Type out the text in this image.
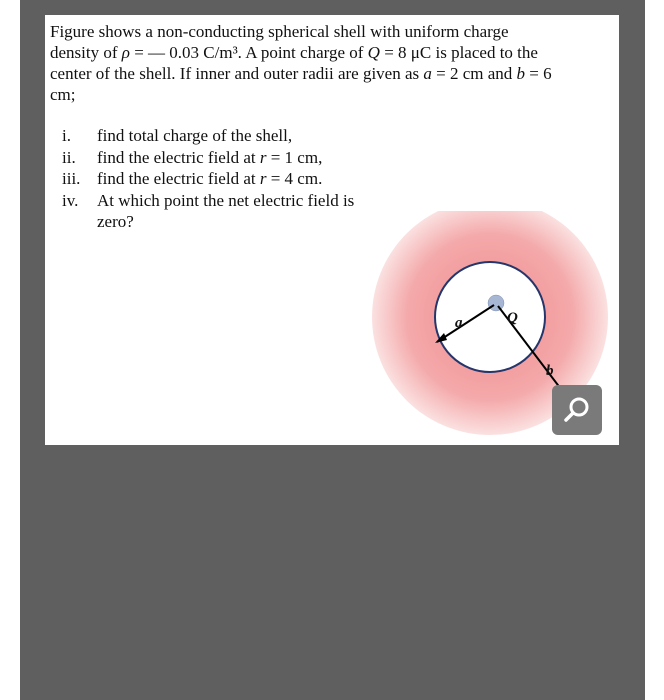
Figure shows a non-conducting spherical shell with uniform charge
density of ρ = — 0.03 C/m³. A point charge of Q = 8 μC is placed to the
center of the shell. If inner and outer radii are given as a = 2 cm and b = 6
cm;
i.	find total charge of the shell,
ii.	find the electric field at r = 1 cm,
iii. find the electric field at r = 4 cm.
iv.	At which point the net electric field is zero?
a	Q
b
